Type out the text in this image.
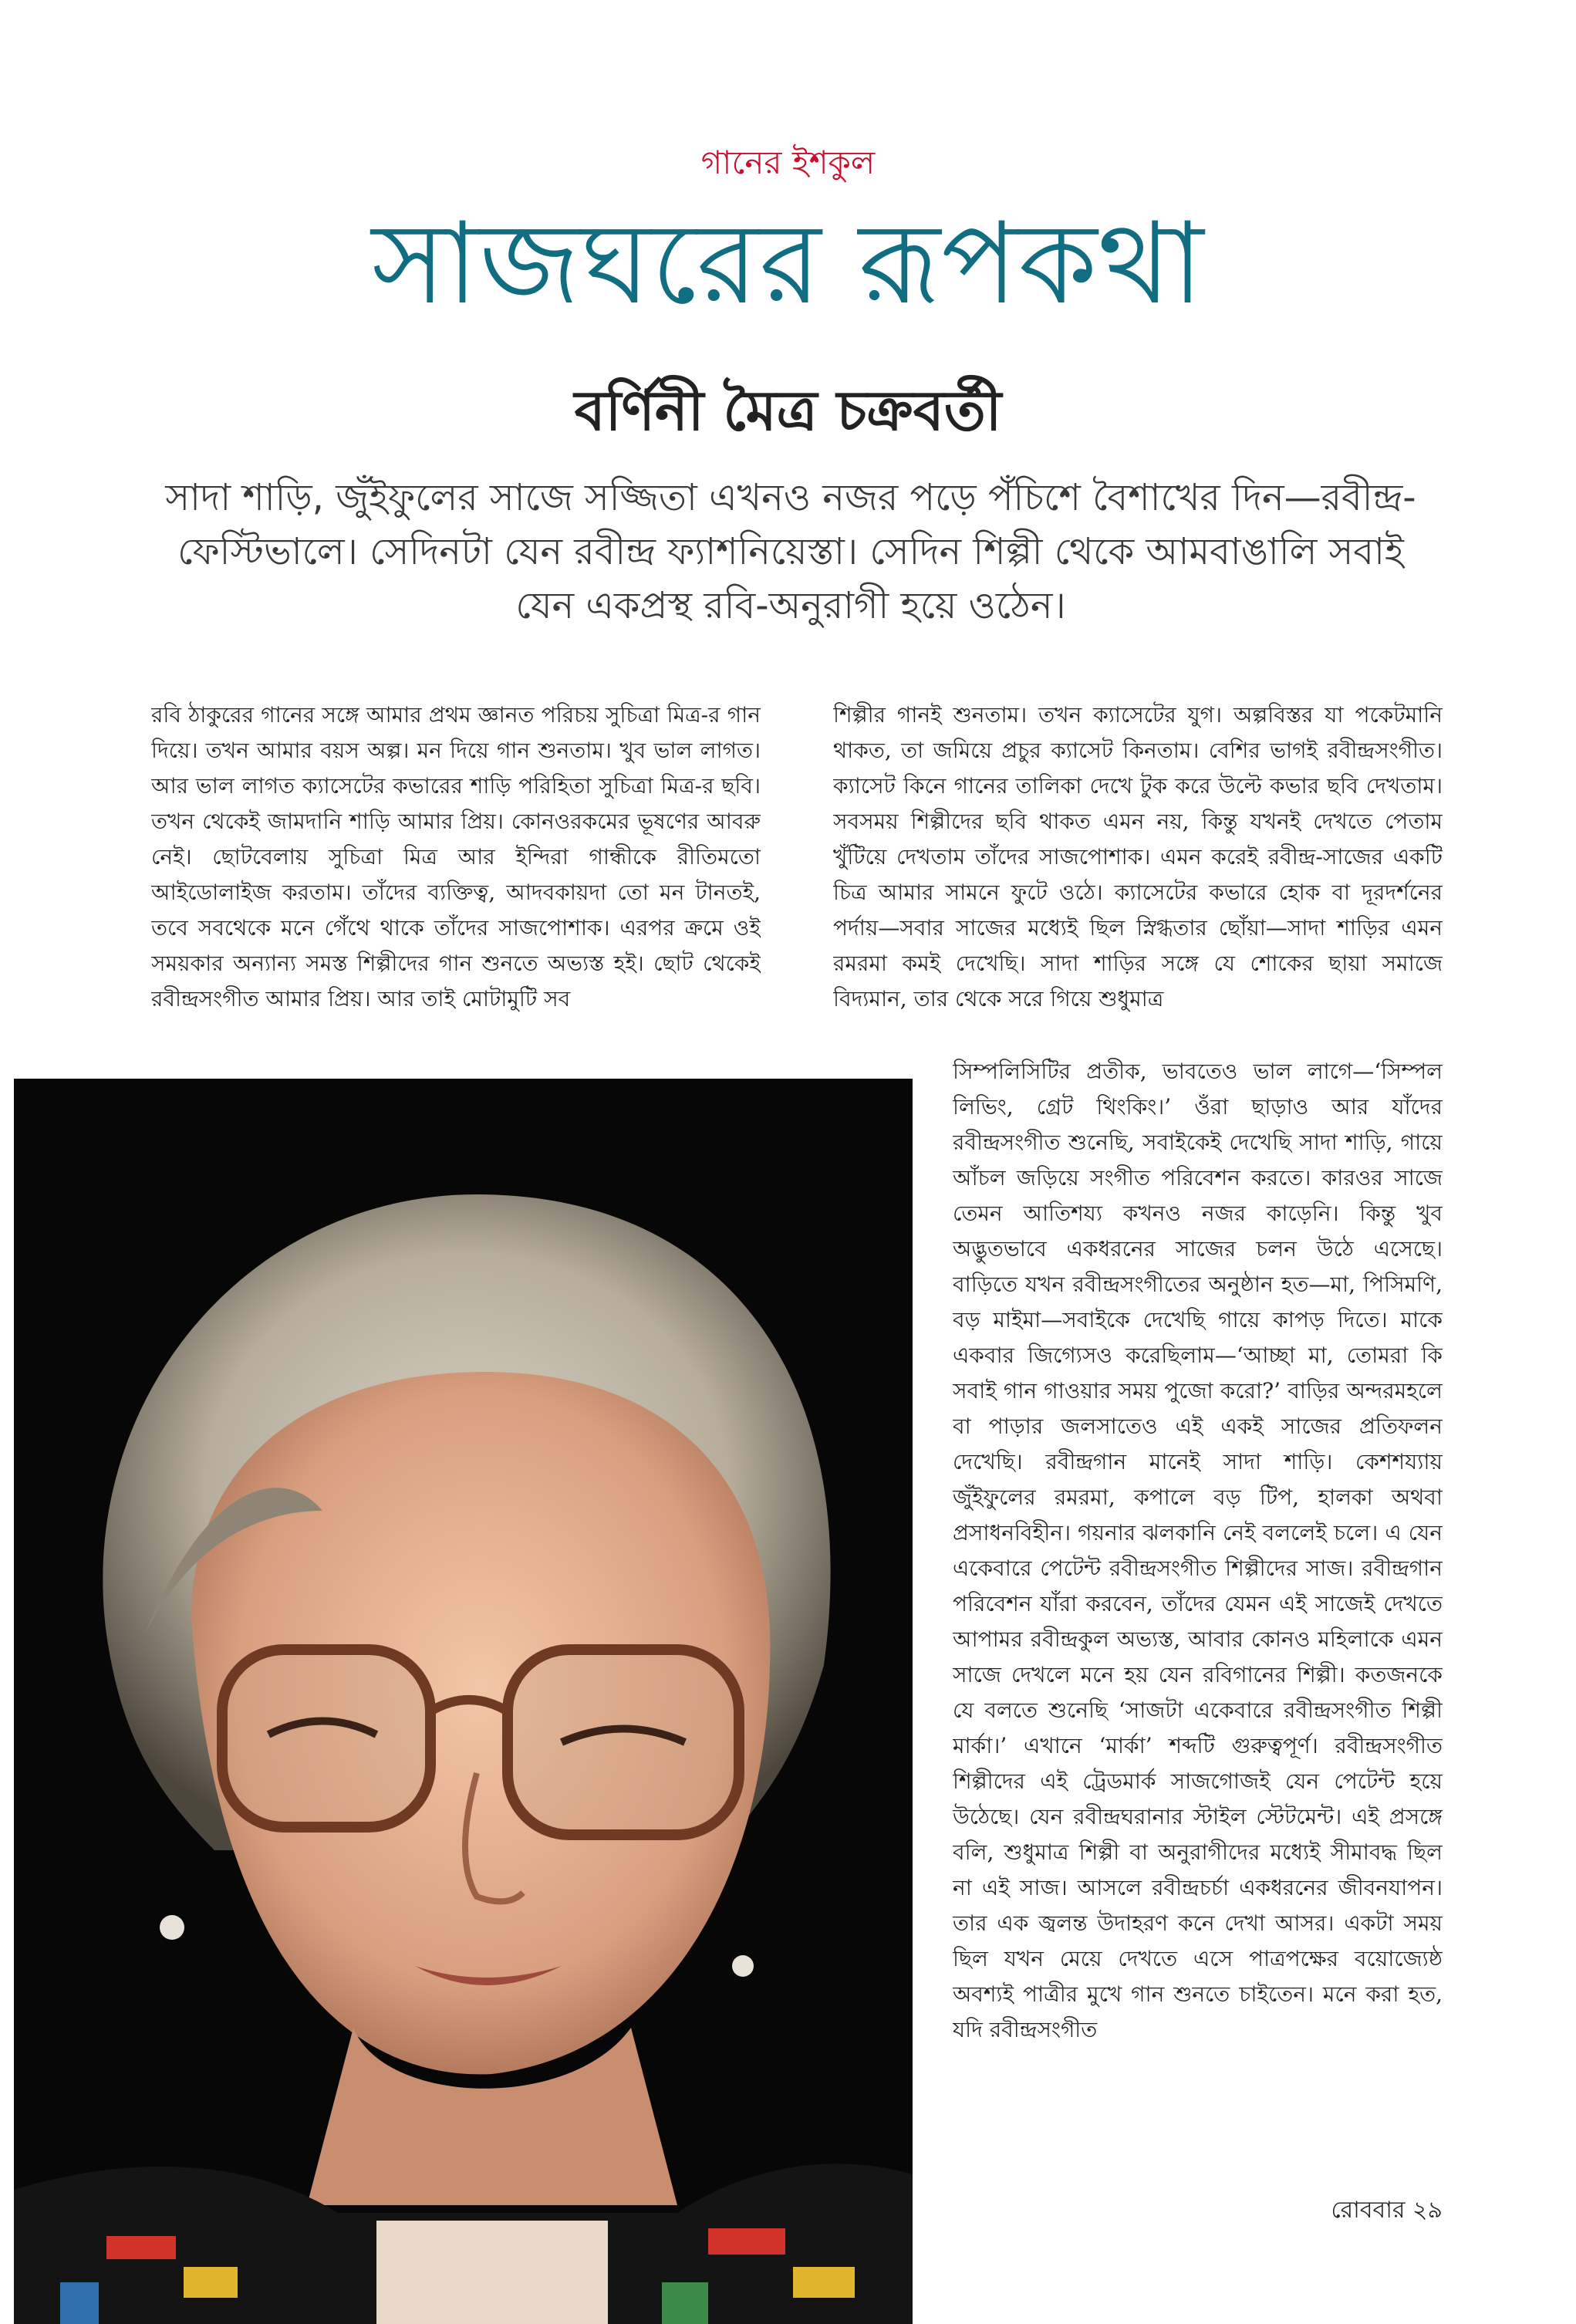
গানের ইশকুল
সাজঘরের রূপকথা
বর্ণিনী মৈত্র চক্রবর্তী
সাদা শাড়ি, জুঁইফুলের সাজে সজ্জিতা এখনও নজর পড়ে পঁচিশে বৈশাখের দিন—রবীন্দ্র-ফেস্টিভালে। সেদিনটা যেন রবীন্দ্র ফ্যাশনিয়েস্তা। সেদিন শিল্পী থেকে আমবাঙালি সবাই যেন একপ্রস্থ রবি-অনুরাগী হয়ে ওঠেন।

রবি ঠাকুরের গানের সঙ্গে আমার প্রথম জ্ঞানত পরিচয় সুচিত্রা মিত্র-র গান দিয়ে। তখন আমার বয়স অল্প। মন দিয়ে গান শুনতাম। খুব ভাল লাগত। আর ভাল লাগত ক্যাসেটের কভারের শাড়ি পরিহিতা সুচিত্রা মিত্র-র ছবি। তখন থেকেই জামদানি শাড়ি আমার প্রিয়। কোনওরকমের ভূষণের আবরু নেই। ছোটবেলায় সুচিত্রা মিত্র আর ইন্দিরা গান্ধীকে রীতিমতো আইডোলাইজ করতাম। তাঁদের ব্যক্তিত্ব, আদবকায়দা তো মন টানতই, তবে সবথেকে মনে গেঁথে থাকে তাঁদের সাজপোশাক। এরপর ক্রমে ওই সময়কার অন্যান্য সমস্ত শিল্পীদের গান শুনতে অভ্যস্ত হই। ছোট থেকেই রবীন্দ্রসংগীত আমার প্রিয়। আর তাই মোটামুটি সব

শিল্পীর গানই শুনতাম। তখন ক্যাসেটের যুগ। অল্পবিস্তর যা পকেটমানি থাকত, তা জমিয়ে প্রচুর ক্যাসেট কিনতাম। বেশির ভাগই রবীন্দ্রসংগীত। ক্যাসেট কিনে গানের তালিকা দেখে টুক করে উল্টে কভার ছবি দেখতাম। সবসময় শিল্পীদের ছবি থাকত এমন নয়, কিন্তু যখনই দেখতে পেতাম খুঁটিয়ে দেখতাম তাঁদের সাজপোশাক। এমন করেই রবীন্দ্র-সাজের একটি চিত্র আমার সামনে ফুটে ওঠে। ক্যাসেটের কভারে হোক বা দূরদর্শনের পর্দায়—সবার সাজের মধ্যেই ছিল স্নিগ্ধতার ছোঁয়া—সাদা শাড়ির এমন রমরমা কমই দেখেছি। সাদা শাড়ির সঙ্গে যে শোকের ছায়া সমাজে বিদ্যমান, তার থেকে সরে গিয়ে শুধুমাত্র

সিম্পলিসিটির প্রতীক, ভাবতেও ভাল লাগে—‘সিম্পল লিভিং, গ্রেট থিংকিং।’ ওঁরা ছাড়াও আর যাঁদের রবীন্দ্রসংগীত শুনেছি, সবাইকেই দেখেছি সাদা শাড়ি, গায়ে আঁচল জড়িয়ে সংগীত পরিবেশন করতে। কারওর সাজে তেমন আতিশয্য কখনও নজর কাড়েনি। কিন্তু খুব অদ্ভুতভাবে একধরনের সাজের চলন উঠে এসেছে। বাড়িতে যখন রবীন্দ্রসংগীতের অনুষ্ঠান হত—মা, পিসিমণি, বড় মাইমা—সবাইকে দেখেছি গায়ে কাপড় দিতে। মাকে একবার জিগ্যেসও করেছিলাম—‘আচ্ছা মা, তোমরা কি সবাই গান গাওয়ার সময় পুজো করো?’ বাড়ির অন্দরমহলে বা পাড়ার জলসাতেও এই একই সাজের প্রতিফলন দেখেছি। রবীন্দ্রগান মানেই সাদা শাড়ি। কেশশয্যায় জুঁইফুলের রমরমা, কপালে বড় টিপ, হালকা অথবা প্রসাধনবিহীন। গয়নার ঝলকানি নেই বললেই চলে। এ যেন একেবারে পেটেন্ট রবীন্দ্রসংগীত শিল্পীদের সাজ। রবীন্দ্রগান পরিবেশন যাঁরা করবেন, তাঁদের যেমন এই সাজেই দেখতে আপামর রবীন্দ্রকুল অভ্যস্ত, আবার কোনও মহিলাকে এমন সাজে দেখলে মনে হয় যেন রবিগানের শিল্পী। কতজনকে যে বলতে শুনেছি ‘সাজটা একেবারে রবীন্দ্রসংগীত শিল্পী মার্কা।’ এখানে ‘মার্কা’ শব্দটি গুরুত্বপূর্ণ। রবীন্দ্রসংগীত শিল্পীদের এই ট্রেডমার্ক সাজগোজই যেন পেটেন্ট হয়ে উঠেছে। যেন রবীন্দ্রঘরানার স্টাইল স্টেটমেন্ট। এই প্রসঙ্গে বলি, শুধুমাত্র শিল্পী বা অনুরাগীদের মধ্যেই সীমাবদ্ধ ছিল না এই সাজ। আসলে রবীন্দ্রচর্চা একধরনের জীবনযাপন। তার এক জ্বলন্ত উদাহরণ কনে দেখা আসর। একটা সময় ছিল যখন মেয়ে দেখতে এসে পাত্রপক্ষের বয়োজ্যেষ্ঠ অবশ্যই পাত্রীর মুখে গান শুনতে চাইতেন। মনে করা হত, যদি রবীন্দ্রসংগীত

রোববার ২৯
